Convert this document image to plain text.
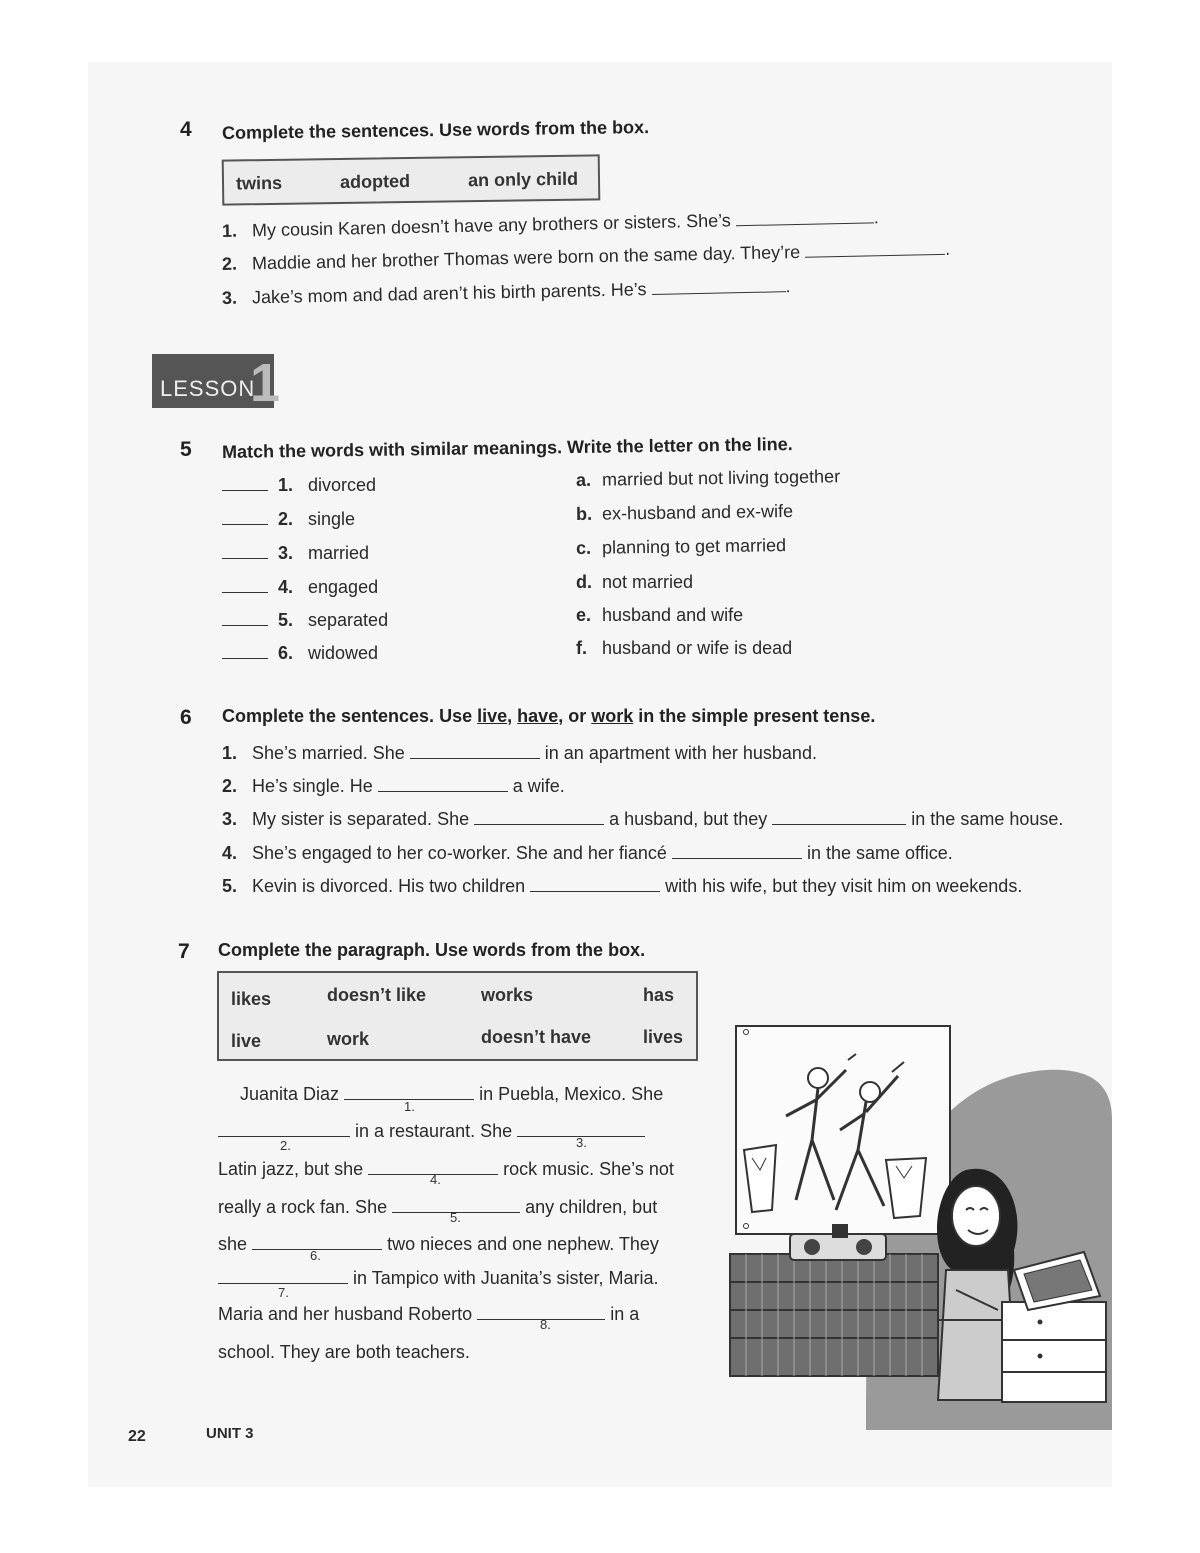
4 Complete the sentences. Use words from the box.
twins	adopted	an only child
1. My cousin Karen doesn’t have any brothers or sisters. She’s	.
2. Maddie and her brother Thomas were born on the same day. They’re	.
3. Jake’s mom and dad aren’t his birth parents. He’s	.
LESSON
1
5 Match the words with similar meanings. Write the letter on the line.
1. divorced
2. single
3. married
4. engaged
5. separated
6. widowed
a. married but not living together
b. ex-husband and ex-wife
c. planning to get married
d. not married
e. husband and wife
f. husband or wife is dead
6 Complete the sentences. Use live, have, or work in the simple present tense.
1. She’s married. She	in an apartment with her husband.
2. He’s single. He	a wife.
3. My sister is separated. She	a husband, but they	in the same house.
4. She’s engaged to her co-worker. She and her fiancé	in the same office.
5. Kevin is divorced. His two children	with his wife, but they visit him on weekends.
7 Complete the paragraph. Use words from the box.
likes	doesn’t like	works	has
live	work	doesn’t have	lives
Juanita Diaz	in Puebla, Mexico. She
1.
in a restaurant. She
2.	3.
Latin jazz, but she	rock music. She’s not
4.
really a rock fan. She	any children, but
5.
she	two nieces and one nephew. They
6.
in Tampico with Juanita’s sister, Maria.
7.
Maria and her husband Roberto	in a
8.
school. They are both teachers.
22	UNIT 3
